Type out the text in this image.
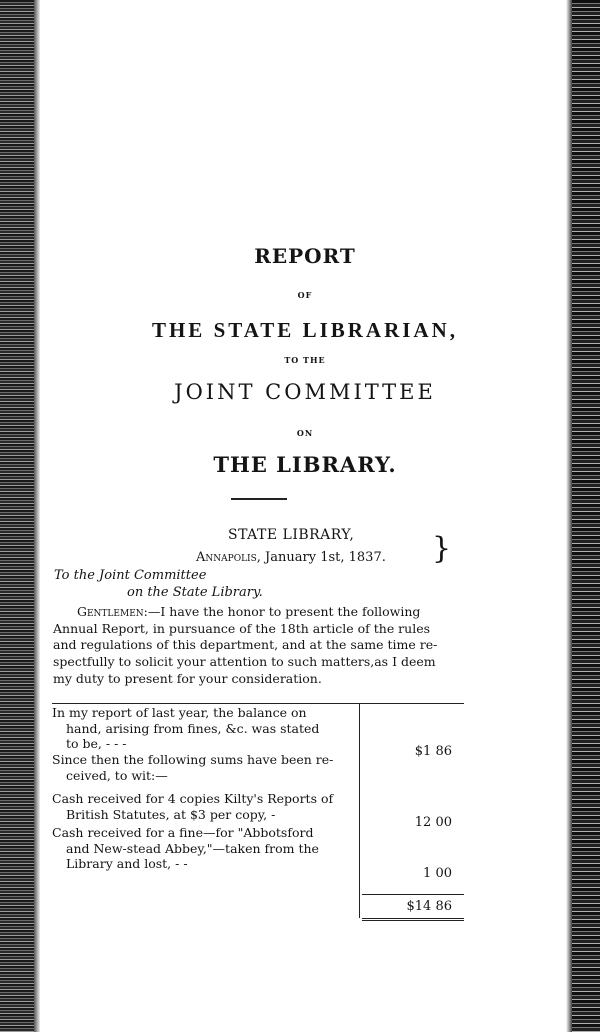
REPORT

OF

THE STATE LIBRARIAN,

TO THE

JOINT COMMITTEE

ON

THE LIBRARY.

STATE LIBRARY,
Annapolis, January 1st, 1837. }
To the Joint Committee
on the State Library.
Gentlemen:—I have the honor to present the following
Annual Report, in pursuance of the 18th article of the rules
and regulations of this department, and at the same time re-
spectfully to solicit your attention to such matters,as I deem
my duty to present for your consideration.
In my report of last year, the balance on
hand, arising from fines, &c. was stated
to be, - - -
$1 86
Since then the following sums have been re-
ceived, to wit:—
Cash received for 4 copies Kilty's Reports of
British Statutes, at $3 per copy, -
12 00
Cash received for a fine—for "Abbotsford
and New-stead Abbey,"—taken from the
Library and lost, - -
1 00
$14 86
